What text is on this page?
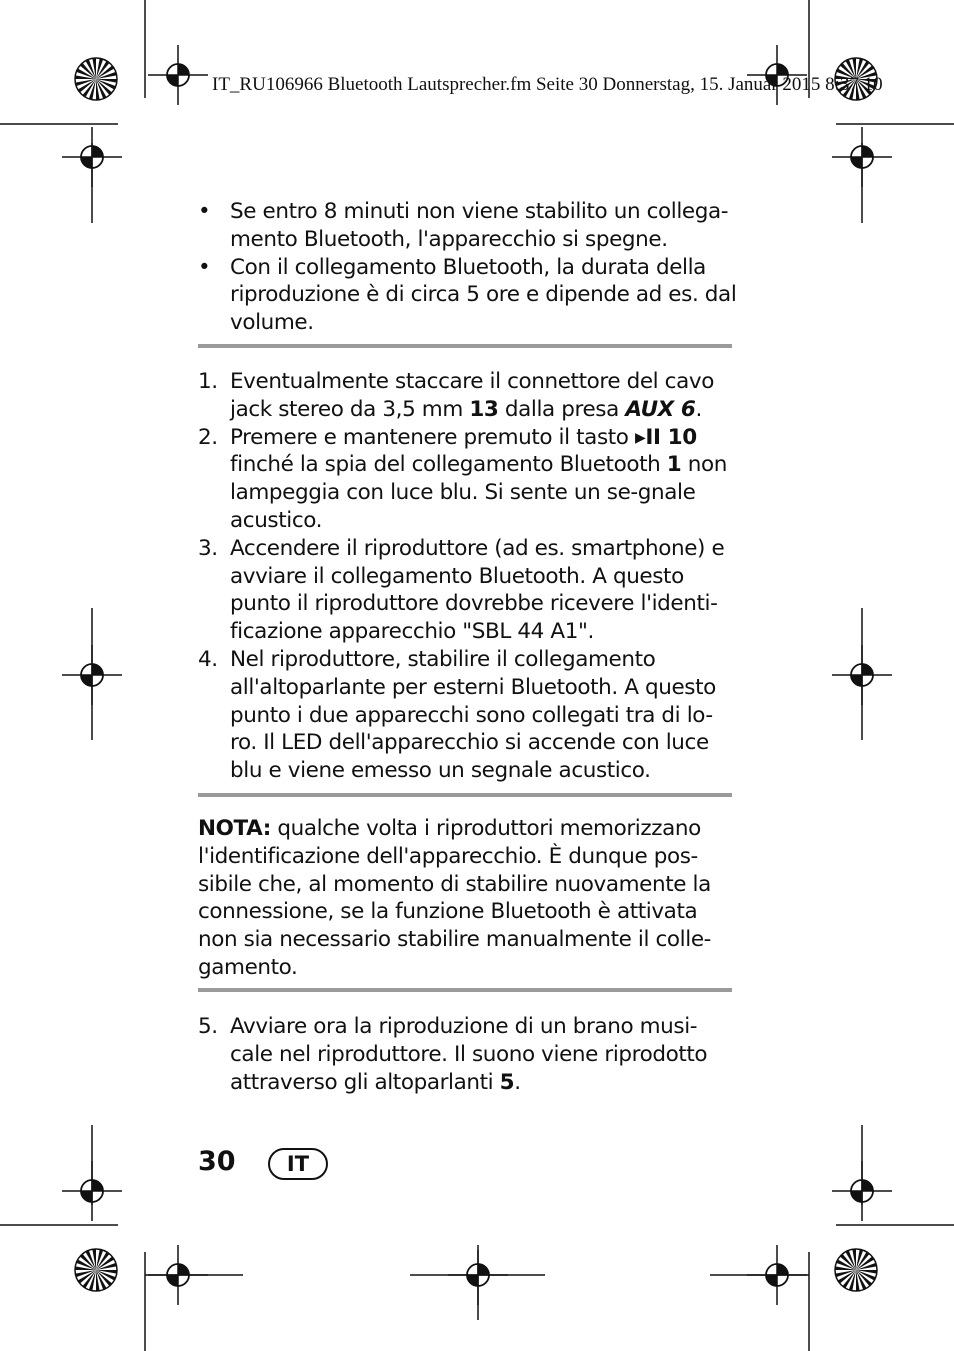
IT_RU106966 Bluetooth Lautsprecher.fm Seite 30 Donnerstag, 15. Januar 2015 8:37 10
• Se entro 8 minuti non viene stabilito un collega-mento Bluetooth, l'apparecchio si spegne.
• Con il collegamento Bluetooth, la durata della riproduzione è di circa 5 ore e dipende ad es. dal volume.
1. Eventualmente staccare il connettore del cavo jack stereo da 3,5 mm 13 dalla presa AUX 6.
2. Premere e mantenere premuto il tasto ▸II 10 finché la spia del collegamento Bluetooth 1 non lampeggia con luce blu. Si sente un se-gnale acustico.
3. Accendere il riproduttore (ad es. smartphone) e avviare il collegamento Bluetooth. A questo punto il riproduttore dovrebbe ricevere l'identi-ficazione apparecchio "SBL 44 A1".
4. Nel riproduttore, stabilire il collegamento all'altoparlante per esterni Bluetooth. A questo punto i due apparecchi sono collegati tra di lo-ro. Il LED dell'apparecchio si accende con luce blu e viene emesso un segnale acustico.
NOTA: qualche volta i riproduttori memorizzano l'identificazione dell'apparecchio. È dunque pos-sibile che, al momento di stabilire nuovamente la connessione, se la funzione Bluetooth è attivata non sia necessario stabilire manualmente il colle-gamento.
5. Avviare ora la riproduzione di un brano musi-cale nel riproduttore. Il suono viene riprodotto attraverso gli altoparlanti 5.
30 IT
